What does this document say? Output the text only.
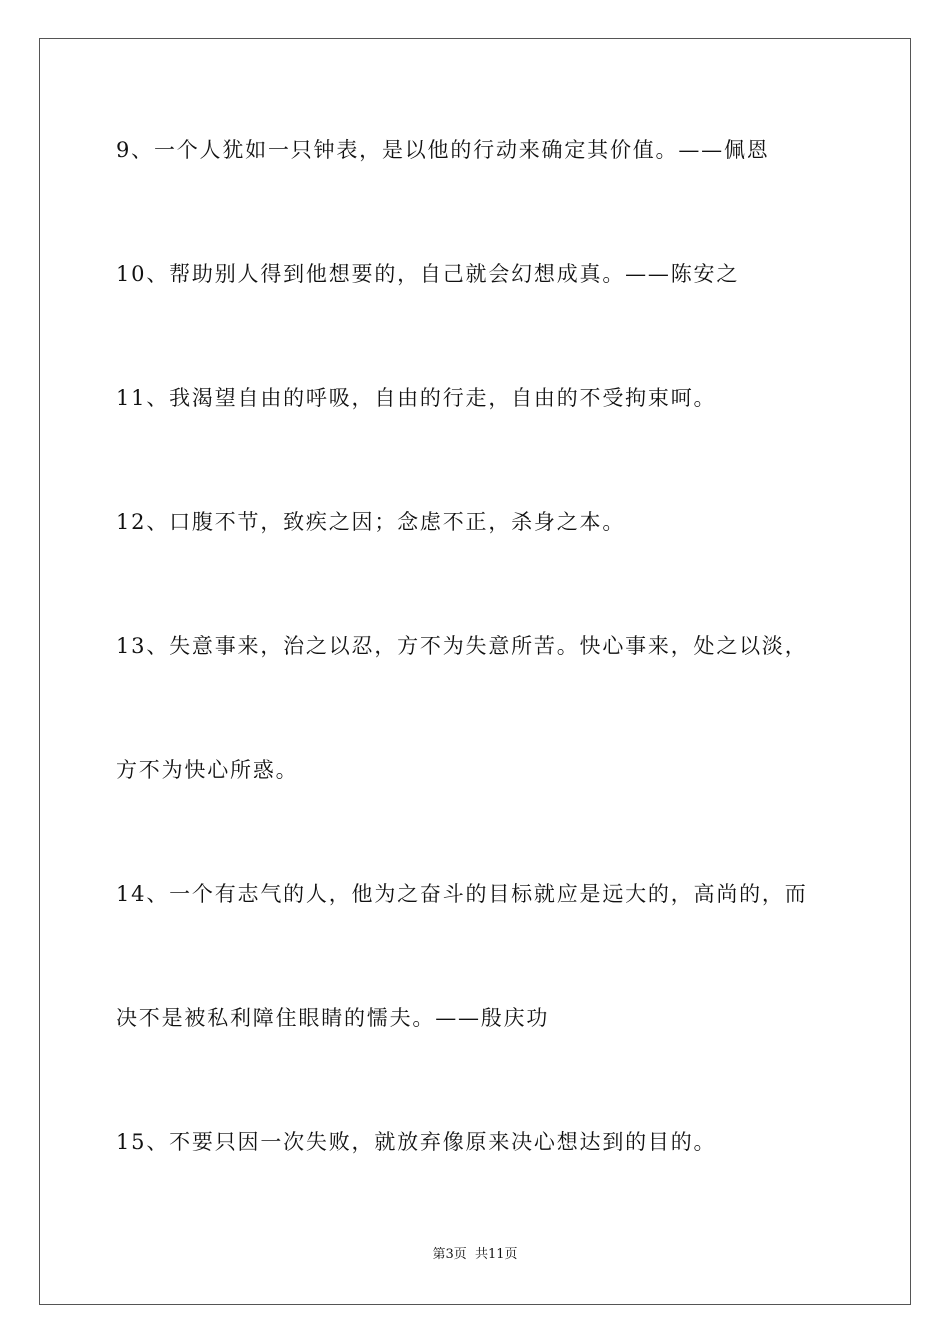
9、一个人犹如一只钟表，是以他的行动来确定其价值。——佩恩
10、帮助别人得到他想要的，自己就会幻想成真。——陈安之
11、我渴望自由的呼吸，自由的行走，自由的不受拘束呵。
12、口腹不节，致疾之因；念虑不正，杀身之本。
13、失意事来，治之以忍，方不为失意所苦。快心事来，处之以淡，
方不为快心所惑。
14、一个有志气的人，他为之奋斗的目标就应是远大的，高尚的，而
决不是被私利障住眼睛的懦夫。——殷庆功
15、不要只因一次失败，就放弃像原来决心想达到的目的。
第3页  共11页
